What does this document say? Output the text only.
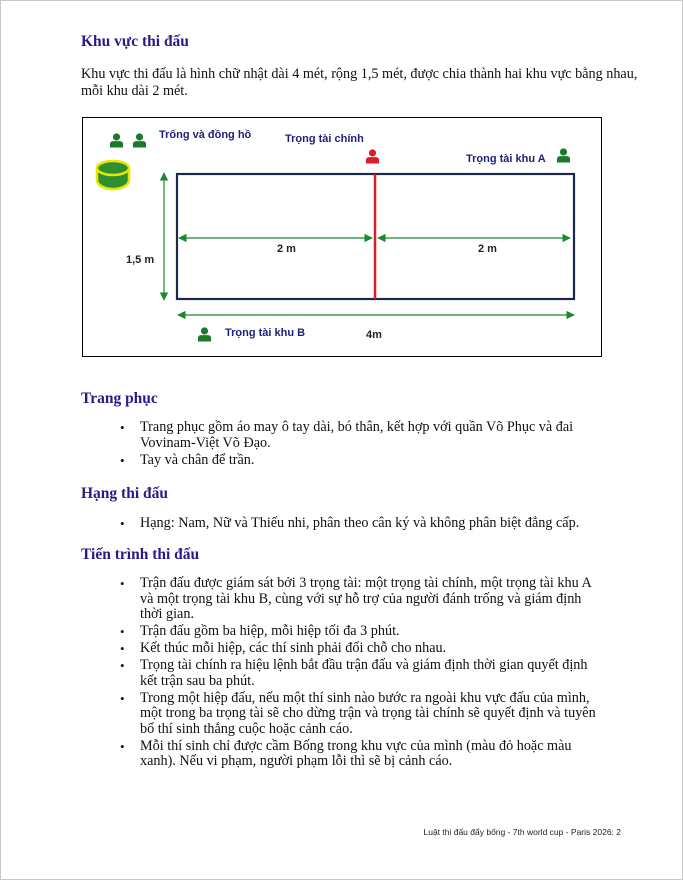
Khu vực thi đấu

Khu vực thi đấu là hình chữ nhật dài 4 mét, rộng 1,5 mét, được chia thành hai khu vực bằng nhau, mỗi khu dài 2 mét.

Trống và đồng hồ	Trọng tài chính
Trọng tài khu A
Trọng tài khu B
1,5 m
2 m	2 m
4m
Trang phục
• Trang phục gồm áo may ô tay dài, bó thân, kết hợp với quần Võ Phục và đai Vovinam-Việt Võ Đạo.
• Tay và chân để trần.
Hạng thi đấu
• Hạng: Nam, Nữ và Thiếu nhi, phân theo cân ký và không phân biệt đẳng cấp.
Tiến trình thi đấu
• Trận đấu được giám sát bởi 3 trọng tài: một trọng tài chính, một trọng tài khu A và một trọng tài khu B, cùng với sự hỗ trợ của người đánh trống và giám định thời gian.
• Trận đấu gồm ba hiệp, mỗi hiệp tối đa 3 phút.
• Kết thúc mỗi hiệp, các thí sinh phải đổi chỗ cho nhau.
• Trọng tài chính ra hiệu lệnh bắt đầu trận đấu và giám định thời gian quyết định kết trận sau ba phút.
• Trong một hiệp đấu, nếu một thí sinh nào bước ra ngoài khu vực đấu của mình, một trong ba trọng tài sẽ cho dừng trận và trọng tài chính sẽ quyết định và tuyên bố thí sinh thắng cuộc hoặc cảnh cáo.
• Mỗi thí sinh chỉ được cầm Bống trong khu vực của mình (màu đỏ hoặc màu xanh). Nếu vi phạm, người phạm lỗi thì sẽ bị cảnh cáo.
Luật thi đấu đẩy bống - 7th world cup - Paris 2026: 2
